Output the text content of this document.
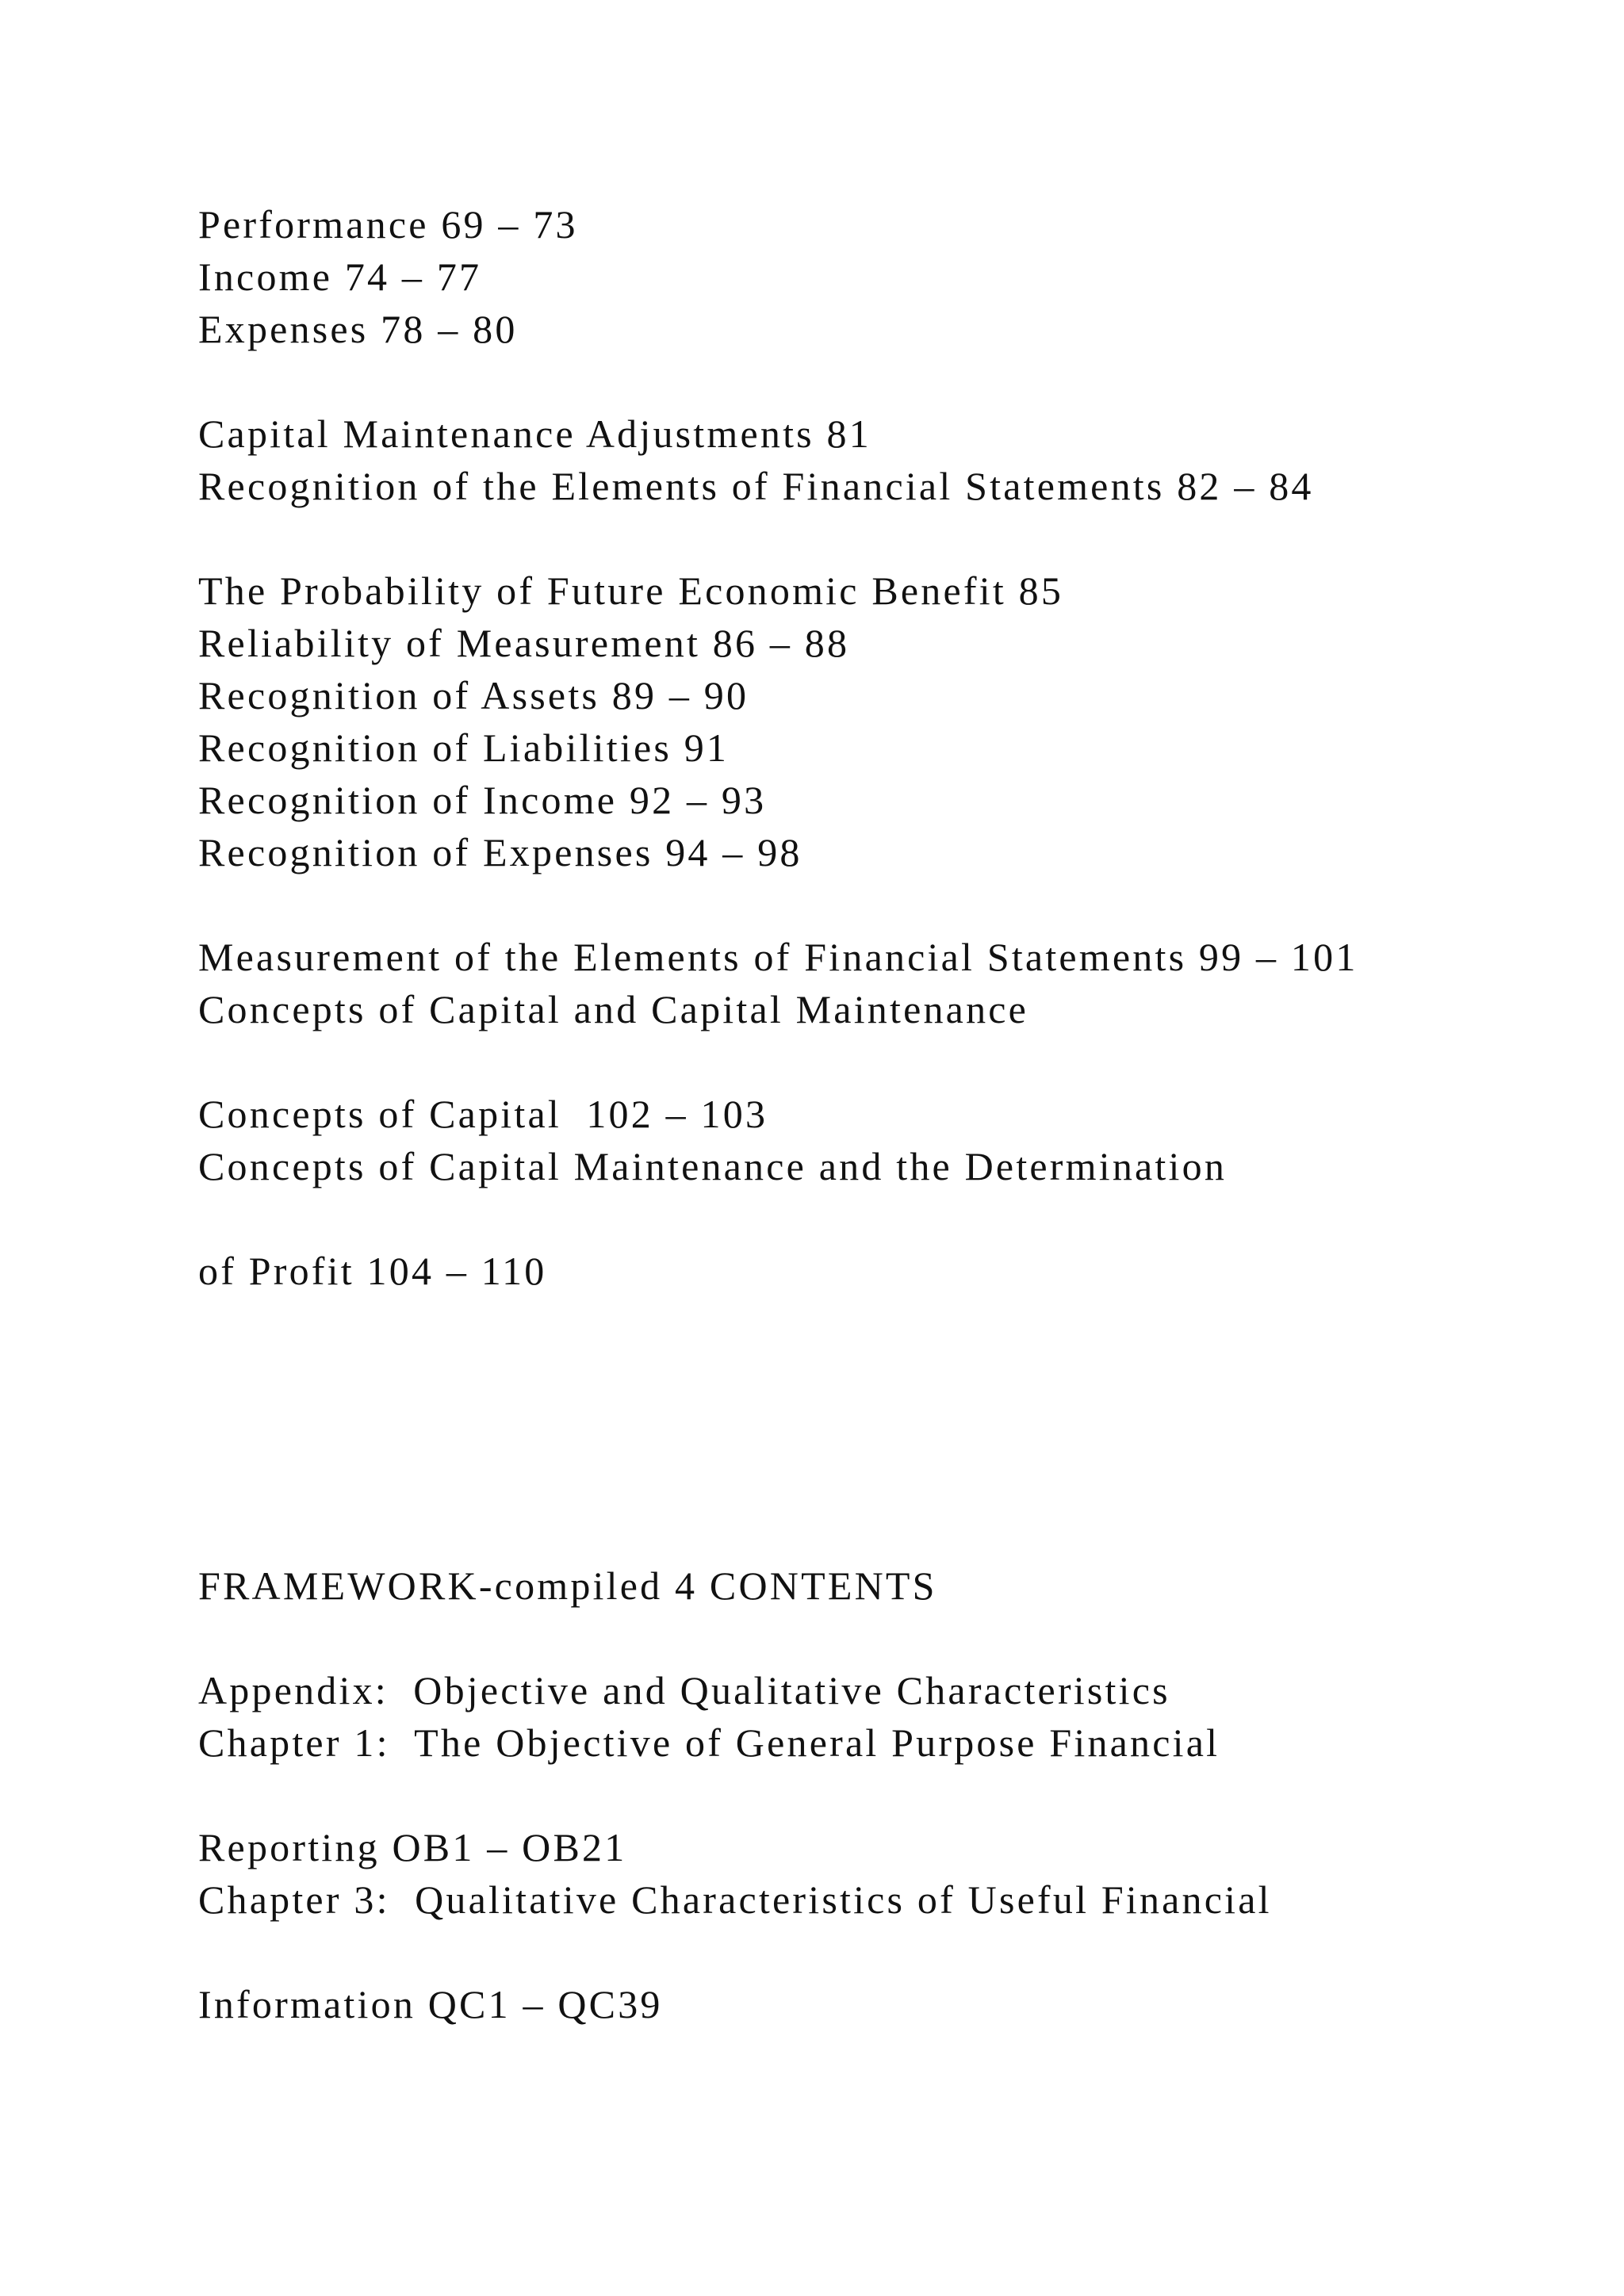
Performance 69 – 73
Income 74 – 77
Expenses 78 – 80
Capital Maintenance Adjustments 81
Recognition of the Elements of Financial Statements 82 – 84
The Probability of Future Economic Benefit 85
Reliability of Measurement 86 – 88
Recognition of Assets 89 – 90
Recognition of Liabilities 91
Recognition of Income 92 – 93
Recognition of Expenses 94 – 98
Measurement of the Elements of Financial Statements 99 – 101
Concepts of Capital and Capital Maintenance
Concepts of Capital  102 – 103
Concepts of Capital Maintenance and the Determination
of Profit 104 – 110
FRAMEWORK-compiled 4 CONTENTS
Appendix:  Objective and Qualitative Characteristics
Chapter 1:  The Objective of General Purpose Financial
Reporting OB1 – OB21
Chapter 3:  Qualitative Characteristics of Useful Financial
Information QC1 – QC39
